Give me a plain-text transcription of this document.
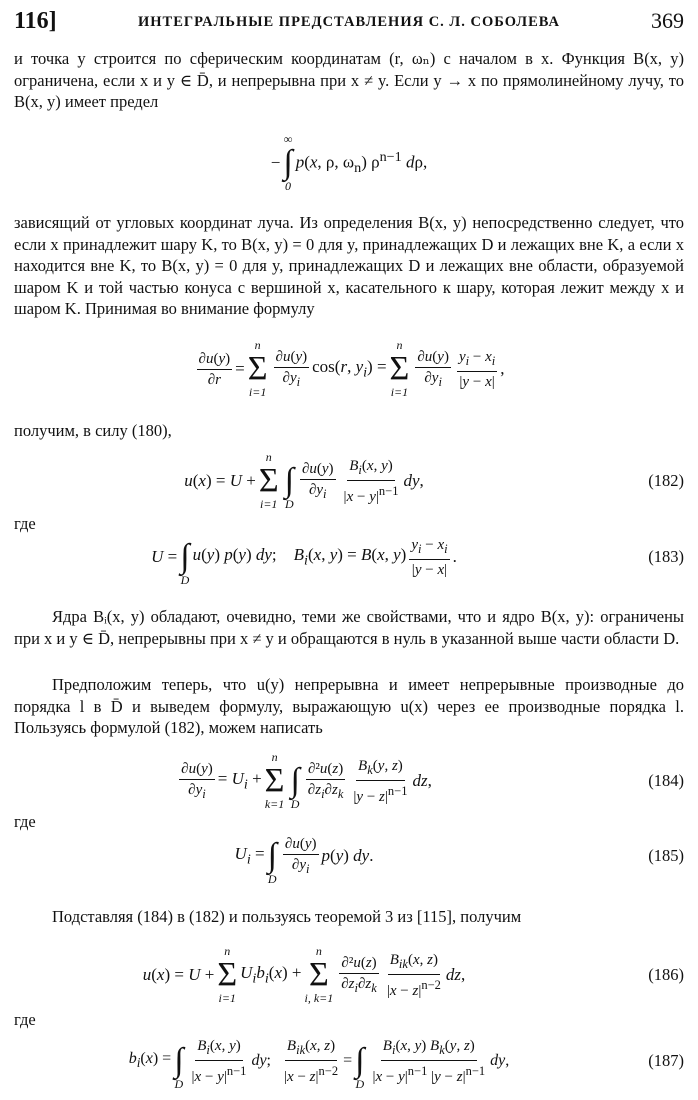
116]	ИНТЕГРАЛЬНЫЕ ПРЕДСТАВЛЕНИЯ С. Л. СОБОЛЕВА	369
и точка y строится по сферическим координатам (r, ωₙ) с началом в x. Функция B(x, y) ограничена, если x и y ∈ D̄, и непрерывна при x ≠ y. Если y → x по прямолинейному лучу, то B(x, y) имеет предел
−
∞
∫
0
p(x, ρ, $\omega_n$) $\rho^{n-1}$ dρ,
зависящий от угловых координат луча. Из определения B(x, y) непосредственно следует, что если x принадлежит шару K, то B(x, y) = 0 для y, принадлежащих D и лежащих вне K, а если x находится вне K, то B(x, y) = 0 для y, принадлежащих D и лежащих вне области, образуемой шаром K и той частью конуса с вершиной x, касательного к шару, которая лежит между x и шаром K. Принимая во внимание формулу
$\frac{\partial u(y)}{\partial r}$ =
n
Σ
i=1
$\frac{\partial u(y)}{\partial y_i} \cos(r$, $y_i$) =
n
Σ
i=1
$\frac{\partial u(y)}{\partial y_i} \frac{y_i - x_i}{|y - x|}$ ,
получим, в силу (180),
u(x) = U +
n
Σ
i=1

∫
D
$\frac{\partial u(y)}{\partial y_i} \frac{B_i(x, y)}{|x - y|^{n-1}}$ dy,	(182)
где
U =
∫
D
u(y) p(y) dy;    $B_i(x$, y) = B(x, $y) \frac{y_i - x_i}{|y - x|}$ .	(183)
Ядра Bᵢ(x, y) обладают, очевидно, теми же свойствами, что и ядро B(x, y): ограничены при x и y ∈ D̄, непрерывны при x ≠ y и обращаются в нуль в указанной выше части области D.
Предположим теперь, что u(y) непрерывна и имеет непрерывные производные до порядка l в D̄ и выведем формулу, выражающую u(x) через ее производные порядка l. Пользуясь формулой (182), можем написать
$\frac{\partial u(y)}{\partial y_i} = U_i$ +
n
Σ
k=1

∫
D
$\frac{\text{∂²u(z)}}{\partial z_i\partial z_k} \frac{B_k(y, z)}{|y - z|^{n-1}}$ dz,	(184)
где
$U_i$ =
∫
D
$\frac{\partial u(y)}{\partial y_i} p(y)$ dy.	(185)
Подставляя (184) в (182) и пользуясь теоремой 3 из [115], получим
u(x) = U +
n
Σ
i=1
$U_ib_i(x)$ +
n
Σ
i, k=1
$\frac{\text{∂²u(z)}}{\partial z_i\partial z_k} \frac{B_{ik}(x, z)}{|x - z|^{n-2}}$ dz,	(186)
где
$b_i(x)$ =
∫
D $\frac{B_i(x, y)}{|x - y|^{n-1}}$ dy; $\frac{B_{ik}(x, z)}{|x - z|^{n-2}}$ =
∫
D $\frac{B_i(x, y) B_k(y, z)}{|x - y|^{n-1} |y - z|^{n-1}}$ dy,	(187)
